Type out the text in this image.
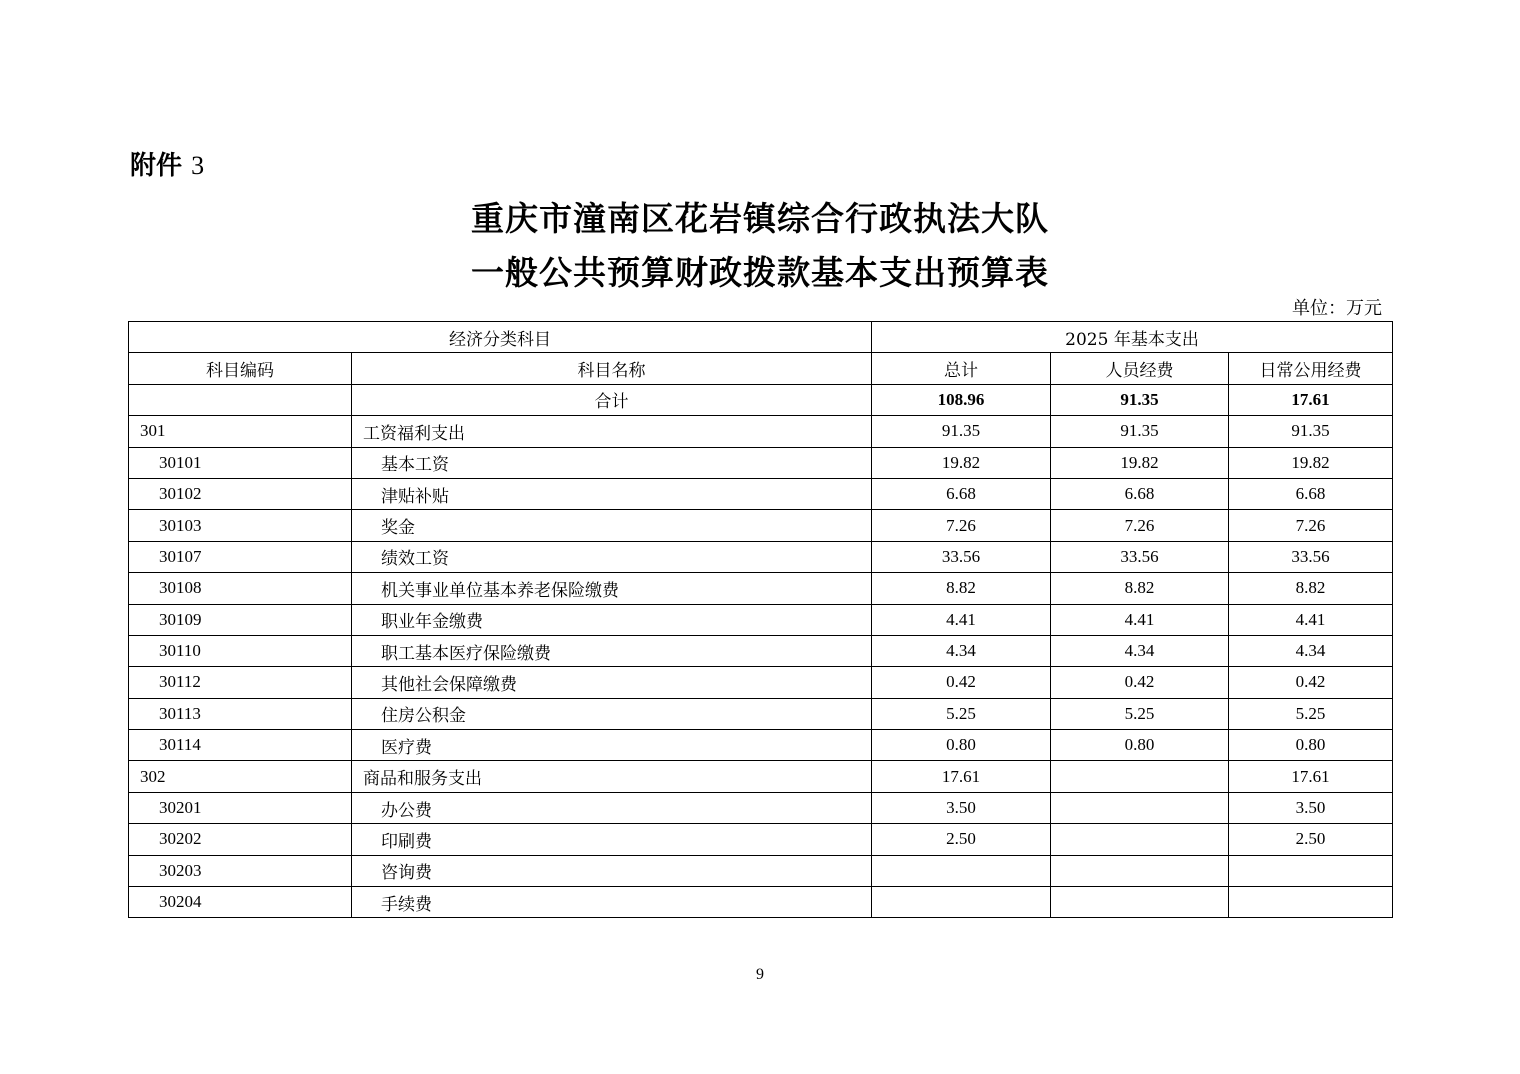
附件 3
重庆市潼南区花岩镇综合行政执法大队
一般公共预算财政拨款基本支出预算表
单位：万元
经济分类科目		2025 年基本支出		
科目编码	科目名称	总计	人员经费	日常公用经费
	合计	108.96	91.35	17.61
301	工资福利支出	91.35	91.35	91.35
30101	基本工资	19.82	19.82	19.82
30102	津贴补贴	6.68	6.68	6.68
30103	奖金	7.26	7.26	7.26
30107	绩效工资	33.56	33.56	33.56
30108	机关事业单位基本养老保险缴费	8.82	8.82	8.82
30109	职业年金缴费	4.41	4.41	4.41
30110	职工基本医疗保险缴费	4.34	4.34	4.34
30112	其他社会保障缴费	0.42	0.42	0.42
30113	住房公积金	5.25	5.25	5.25
30114	医疗费	0.80	0.80	0.80
302	商品和服务支出	17.61		17.61
30201	办公费	3.50		3.50
30202	印刷费	2.50		2.50
30203	咨询费			
30204	手续费			
9
